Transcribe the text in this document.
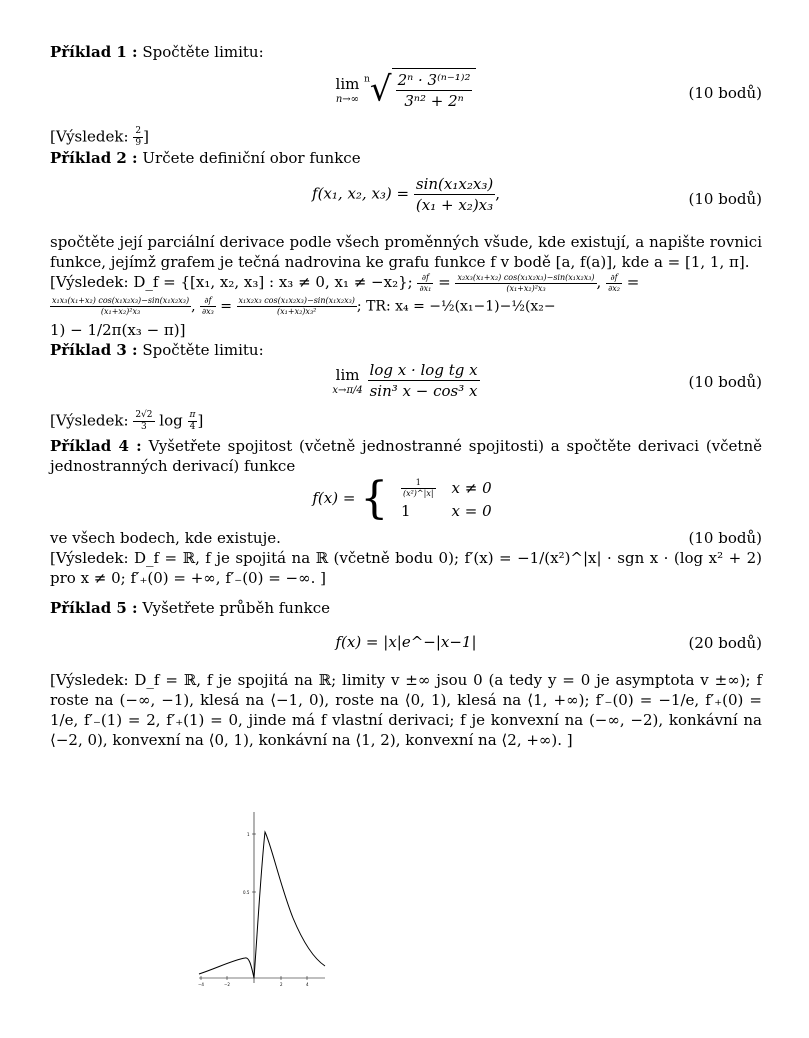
Příklad 1 : Spočtěte limitu:
lim
n→∞
$^n√ \frac{\text{2ⁿ · 3⁽ⁿ⁻¹⁾²}}{\text{3ⁿ² + 2ⁿ}}$	(10 bodů)
[Výsledek: $\frac{2}{9}$ ]
Příklad 2 : Určete definiční obor funkce
f(x₁, x₂, $x_3) = \frac{\text{sin(x₁x₂x₃)}}{\text{(x₁ + x₂)x₃}}$ ,	(10 bodů)
spočtěte její parciální derivace podle všech proměnných všude, kde existují, a napište rovnici funkce, jejímž grafem je tečná nadrovina ke grafu funkce f v bodě [a, f(a)], kde a = [1, 1, π].
[Výsledek: D_f = {[x₁, x₂, x₃] : x₃ ≠ 0, x₁ ≠ −x₂}; $\frac{\partial f}{\text{∂x₁}} = \frac{\text{x₂x₃(x₁+x₂) cos(x₁x₂x₃)−sin(x₁x₂x₃)}}{\text{(x₁+x₂)²x₃}}$ , $\frac{\partial f}{\text{∂x₂}}$ =
$\frac{\text{x₁x₃(x₁+x₂) cos(x₁x₂x₃)−sin(x₁x₂x₃)}}{\text{(x₁+x₂)²x₃}}$ , $\frac{\partial f}{\text{∂x₃}} = \frac{\text{x₁x₂x₃ cos(x₁x₂x₃)−sin(x₁x₂x₃)}}{\text{(x₁+x₂)x₃²}}$ ; TR: x₄ = −½(x₁−1)−½(x₂−
1) − 1/2π(x₃ − π)]
Příklad 3 : Spočtěte limitu:
lim
x→π/4
$\frac{\text{log x · log tg x}}{\text{sin³ x − cos³ x}}$	(10 bodů)
[Výsledek: $\frac{2√2}{3}$ $\log \frac{\pi}{4}$ ]
Příklad 4 : Vyšetřete spojitost (včetně jednostranné spojitosti) a spočtěte derivaci (včetně jednostranných derivací) funkce
f(x) = { $\frac{1}{\text{(x²)\textasciicircum{}|x|}}$	x ≠ 0
1	x = 0
ve všech bodech, kde existuje.	(10 bodů)
[Výsledek: D_f = ℝ, f je spojitá na ℝ (včetně bodu 0); f′(x) = −1/(x²)^|x| · sgn x · (log x² + 2) pro x ≠ 0; f′₊(0) = +∞, f′₋(0) = −∞. ]
Příklad 5 : Vyšetřete průběh funkce
f(x) = |x|e^−|x−1|	(20 bodů)
[Výsledek: D_f = ℝ, f je spojitá na ℝ; limity v ±∞ jsou 0 (a tedy y = 0 je asymptota v ±∞); f roste na (−∞, −1), klesá na ⟨−1, 0), roste na ⟨0, 1), klesá na ⟨1, +∞); f′₋(0) = −1/e, f′₊(0) = 1/e, f′₋(1) = 2, f′₊(1) = 0, jinde má f vlastní derivaci; f je konvexní na (−∞, −2), konkávní na ⟨−2, 0), konvexní na ⟨0, 1), konkávní na ⟨1, 2), konvexní na ⟨2, +∞). ]
−4	−2	2	4
1
0.5
